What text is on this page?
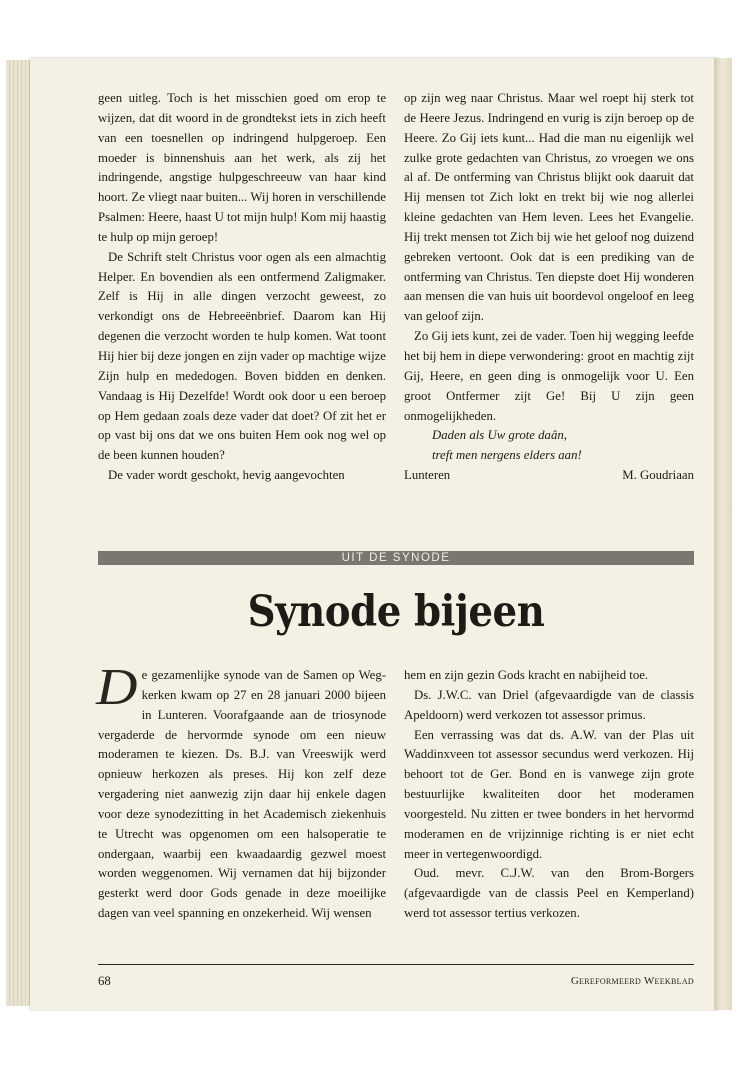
geen uitleg. Toch is het misschien goed om erop te wijzen, dat dit woord in de grondtekst iets in zich heeft van een toesnellen op indringend hulpgeroep. Een moeder is binnenshuis aan het werk, als zij het indringende, angstige hulpgeschreeuw van haar kind hoort. Ze vliegt naar buiten... Wij horen in verschillende Psalmen: Heere, haast U tot mijn hulp! Kom mij haastig te hulp op mijn geroep!

De Schrift stelt Christus voor ogen als een almachtig Helper. En bovendien als een ontfermend Zaligmaker. Zelf is Hij in alle dingen verzocht geweest, zo verkondigt ons de Hebreeënbrief. Daarom kan Hij degenen die verzocht worden te hulp komen. Wat toont Hij hier bij deze jongen en zijn vader op machtige wijze Zijn hulp en mededogen. Boven bidden en denken. Vandaag is Hij Dezelfde! Wordt ook door u een beroep op Hem gedaan zoals deze vader dat doet? Of zit het er op vast bij ons dat we ons buiten Hem ook nog wel op de been kunnen houden?

De vader wordt geschokt, hevig aangevochten

op zijn weg naar Christus. Maar wel roept hij sterk tot de Heere Jezus. Indringend en vurig is zijn beroep op de Heere. Zo Gij iets kunt... Had die man nu eigenlijk wel zulke grote gedachten van Christus, zo vroegen we ons al af. De ontferming van Christus blijkt ook daaruit dat Hij mensen tot Zich lokt en trekt bij wie nog allerlei kleine gedachten van Hem leven. Lees het Evangelie. Hij trekt mensen tot Zich bij wie het geloof nog duizend gebreken vertoont. Ook dat is een prediking van de ontferming van Christus. Ten diepste doet Hij wonderen aan mensen die van huis uit boordevol ongeloof en leeg van geloof zijn.

Zo Gij iets kunt, zei de vader. Toen hij wegging leefde het bij hem in diepe verwondering: groot en machtig zijt Gij, Heere, en geen ding is onmogelijk voor U. Een groot Ontfermer zijt Ge! Bij U zijn geen onmogelijkheden.

Daden als Uw grote daân,

treft men nergens elders aan!

Lunteren	M. Goudriaan
UIT DE SYNODE
Synode bijeen
D e gezamenlijke synode van de Samen op Weg-kerken kwam op 27 en 28 januari 2000 bijeen in Lunteren. Voorafgaande aan de triosynode vergaderde de hervormde synode om een nieuw moderamen te kiezen. Ds. B.J. van Vreeswijk werd opnieuw herkozen als preses. Hij kon zelf deze vergadering niet aanwezig zijn daar hij enkele dagen voor deze synodezitting in het Academisch ziekenhuis te Utrecht was opgenomen om een halsoperatie te ondergaan, waarbij een kwaadaardig gezwel moest worden weggenomen. Wij vernamen dat hij bijzonder gesterkt werd door Gods genade in deze moeilijke dagen van veel spanning en onzekerheid. Wij wensen

hem en zijn gezin Gods kracht en nabijheid toe.

Ds. J.W.C. van Driel (afgevaardigde van de classis Apeldoorn) werd verkozen tot assessor primus.

Een verrassing was dat ds. A.W. van der Plas uit Waddinxveen tot assessor secundus werd verkozen. Hij behoort tot de Ger. Bond en is vanwege zijn grote bestuurlijke kwaliteiten door het moderamen voorgesteld. Nu zitten er twee bonders in het hervormd moderamen en de vrijzinnige richting is er niet echt meer in vertegenwoordigd.

Oud. mevr. C.J.W. van den Brom-Borgers (afgevaardigde van de classis Peel en Kemperland) werd tot assessor tertius verkozen.

68	Gereformeerd Weekblad
